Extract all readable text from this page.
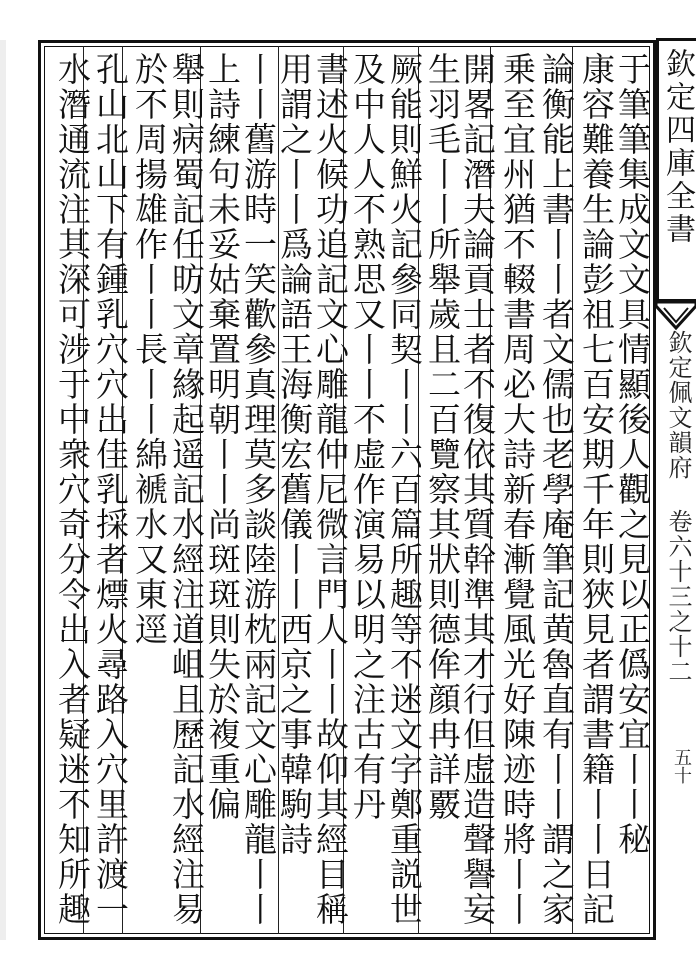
于筆筆集成文文具情顯後人觀之見以正僞安宜丨丨秘
康容難養生論彭祖七百安期千年則狹見者謂書籍丨丨日記
論衡能上書丨丨者文儒也老學庵筆記黄魯直有丨丨謂之家
乗至宜州猶不輟書周必大詩新春漸覺風光好陳迹時將丨丨
開畧記潛夫論貢士者不復依其質幹準其才行但虚造聲譽妄
生羽毛丨丨所舉歲且二百覽察其狀則德侔顔冉詳覈
厥能則鮮火記參同契丨丨六百篇所趣等不迷文字鄭重説世
及中人人不熟思又丨丨不虚作演易以明之注古有丹
書述火候功追記文心雕龍仲尼微言門人丨丨故仰其經目稱
用謂之丨丨爲論語王海衡宏舊儀丨丨西京之事韓駒詩
丨丨舊游時一笑歡參真理莫多談陸游枕兩記文心雕龍丨丨
上詩練句未妥姑棄置明朝丨丨尚斑斑則失於複重偏
舉則病蜀記任昉文章緣起遥記水經注道岨且歷記水經注易
於不周揚雄作丨丨長丨丨綿褫水又東逕
孔山北山下有鍾乳穴穴出佳乳採者熛火尋路入穴里許渡一
水潛通流注其深可涉于中衆穴奇分令出入者疑迷不知所趣	欽定四庫全書
欽定佩文韻府 卷六十三之十二
五十
